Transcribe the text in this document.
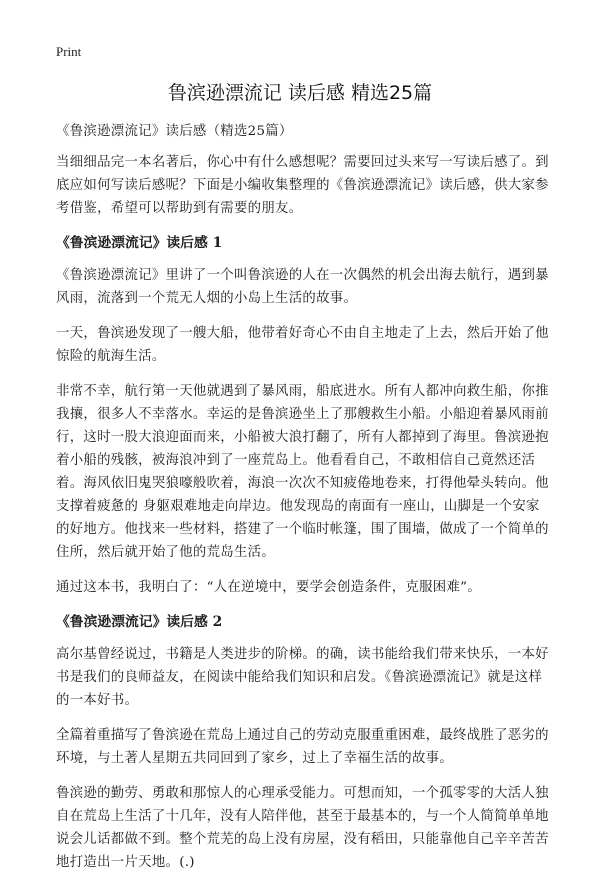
Print
鲁滨逊漂流记 读后感 精选25篇

《鲁滨逊漂流记》读后感（精选25篇）

当细细品完一本名著后，你心中有什么感想呢？需要回过头来写一写读后感了。到底应如何写读后感呢？下面是小编收集整理的《鲁滨逊漂流记》读后感，供大家参考借鉴，希望可以帮助到有需要的朋友。

《鲁滨逊漂流记》读后感 1

《鲁滨逊漂流记》里讲了一个叫鲁滨逊的人在一次偶然的机会出海去航行，遇到暴风雨，流落到一个荒无人烟的小岛上生活的故事。

一天，鲁滨逊发现了一艘大船，他带着好奇心不由自主地走了上去，然后开始了他惊险的航海生活。

非常不幸，航行第一天他就遇到了暴风雨，船底进水。所有人都冲向救生船，你推我攘，很多人不幸落水。幸运的是鲁滨逊坐上了那艘救生小船。小船迎着暴风雨前行，这时一股大浪迎面而来，小船被大浪打翻了，所有人都掉到了海里。鲁滨逊抱着小船的残骸，被海浪冲到了一座荒岛上。他看看自己，不敢相信自己竟然还活着。海风依旧鬼哭狼嚎般吹着，海浪一次次不知疲倦地卷来，打得他晕头转向。他支撑着疲惫的 身躯艰难地走向岸边。他发现岛的南面有一座山，山脚是一个安家的好地方。他找来一些材料，搭建了一个临时帐篷，围了围墙，做成了一个简单的住所，然后就开始了他的荒岛生活。

通过这本书，我明白了：“人在逆境中，要学会创造条件，克服困难”。

《鲁滨逊漂流记》读后感 2

高尔基曾经说过，书籍是人类进步的阶梯。的确，读书能给我们带来快乐，一本好书是我们的良师益友，在阅读中能给我们知识和启发。《鲁滨逊漂流记》就是这样的一本好书。

全篇着重描写了鲁滨逊在荒岛上通过自己的劳动克服重重困难，最终战胜了恶劣的环境，与土著人星期五共同回到了家乡，过上了幸福生活的故事。

鲁滨逊的勤劳、勇敢和那惊人的心理承受能力。可想而知，一个孤零零的大活人独自在荒岛上生活了十几年，没有人陪伴他，甚至于最基本的，与一个人简简单单地说会儿话都做不到。整个荒芜的岛上没有房屋，没有稻田，只能靠他自己辛辛苦苦地打造出一片天地。(.)
